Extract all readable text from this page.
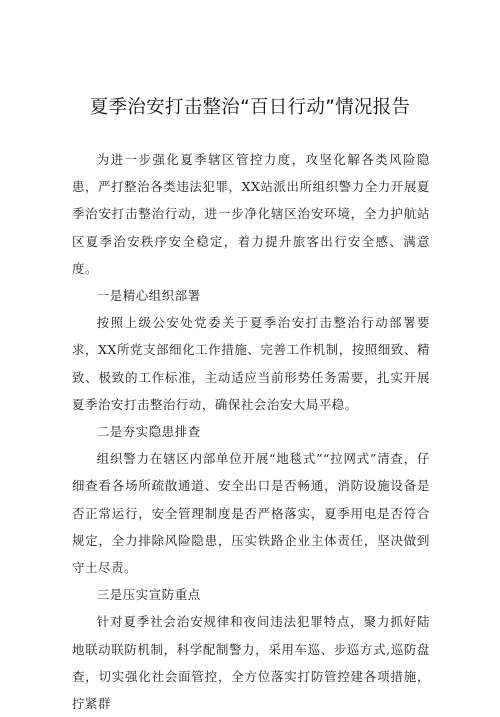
夏季治安打击整治“百日行动”情况报告

为进一步强化夏季辖区管控力度，攻坚化解各类风险隐患，严打整治各类违法犯罪，XX站派出所组织警力全力开展夏季治安打击整治行动，进一步净化辖区治安环境，全力护航站区夏季治安秩序安全稳定，着力提升旅客出行安全感、满意度。

一是精心组织部署

按照上级公安处党委关于夏季治安打击整治行动部署要求，XX所党支部细化工作措施、完善工作机制，按照细致、精致、极致的工作标准，主动适应当前形势任务需要，扎实开展夏季治安打击整治行动，确保社会治安大局平稳。

二是夯实隐患排查

组织警力在辖区内部单位开展“地毯式”“拉网式”清查，仔细查看各场所疏散通道、安全出口是否畅通，消防设施设备是否正常运行，安全管理制度是否严格落实，夏季用电是否符合规定，全力排除风险隐患，压实铁路企业主体责任，坚决做到守土尽责。

三是压实宣防重点

针对夏季社会治安规律和夜间违法犯罪特点，聚力抓好陆地联动联防机制，科学配制警力，采用车巡、步巡方式,巡防盘查，切实强化社会面管控，全方位落实打防管控建各项措施，拧紧群
